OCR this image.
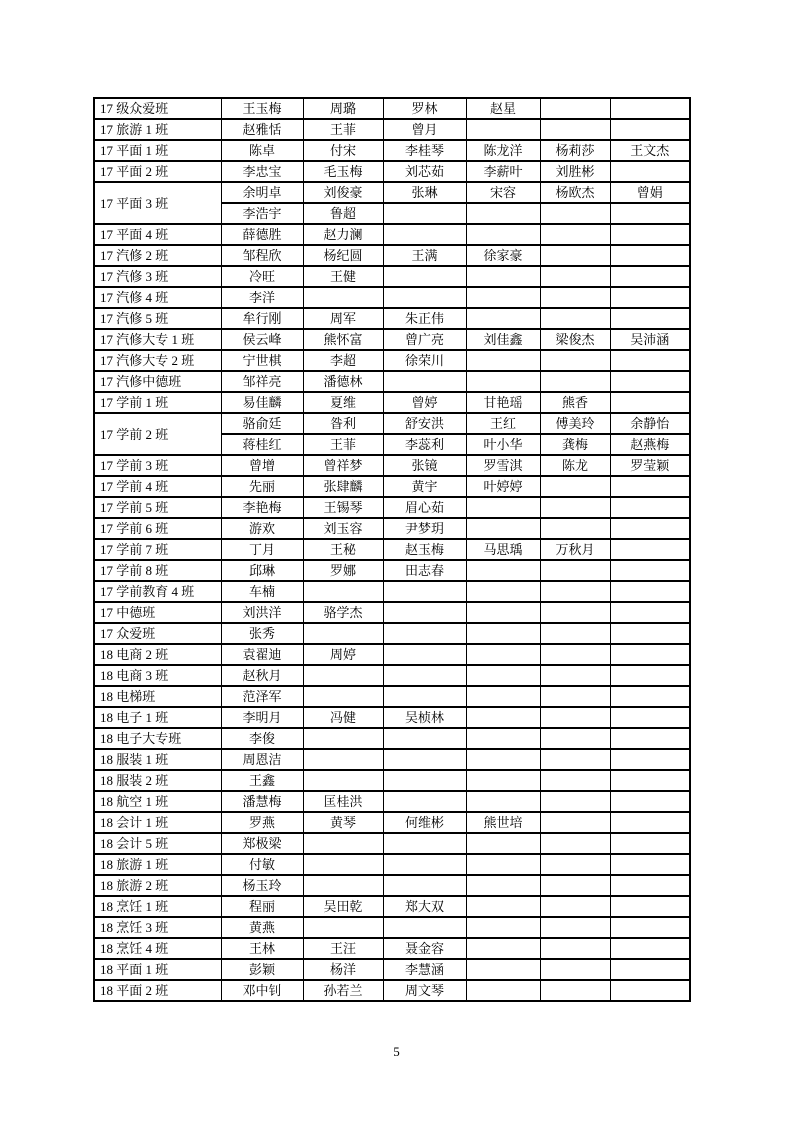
17 级众爱班	王玉梅	周璐	罗林	赵星		
17 旅游 1 班	赵雅恬	王菲	曾月			
17 平面 1 班	陈卓	付宋	李桂琴	陈龙洋	杨莉莎	王文杰
17 平面 2 班	李忠宝	毛玉梅	刘芯茹	李薪叶	刘胜彬	
17 平面 3 班	余明卓	刘俊豪	张琳	宋容	杨欧杰	曾娟
	李浩宇	鲁超				
17 平面 4 班	薛德胜	赵力澜				
17 汽修 2 班	邹程欣	杨纪圆	王满	徐家豪		
17 汽修 3 班	冷旺	王健				
17 汽修 4 班	李洋					
17 汽修 5 班	牟行刚	周军	朱正伟			
17 汽修大专 1 班	侯云峰	熊怀富	曾广亮	刘佳鑫	梁俊杰	吴沛涵
17 汽修大专 2 班	宁世棋	李超	徐荣川			
17 汽修中德班	邹祥亮	潘德林				
17 学前 1 班	易佳麟	夏维	曾婷	甘艳瑶	熊香	
17 学前 2 班	骆俞廷	昝利	舒安洪	王红	傅美玲	余静怡
	蒋桂红	王菲	李蕊利	叶小华	龚梅	赵燕梅
17 学前 3 班	曾增	曾祥梦	张镜	罗雪淇	陈龙	罗莹颖
17 学前 4 班	先丽	张肆麟	黄宇	叶婷婷		
17 学前 5 班	李艳梅	王锡琴	眉心茹			
17 学前 6 班	游欢	刘玉容	尹梦玥			
17 学前 7 班	丁月	王秘	赵玉梅	马思瑀	万秋月	
17 学前 8 班	邱琳	罗娜	田志春			
17 学前教育 4 班	车楠					
17 中德班	刘洪洋	骆学杰				
17 众爱班	张秀					
18 电商 2 班	袁翟迪	周婷				
18 电商 3 班	赵秋月					
18 电梯班	范泽军					
18 电子 1 班	李明月	冯健	吴桢林			
18 电子大专班	李俊					
18 服装 1 班	周恩洁					
18 服装 2 班	王鑫					
18 航空 1 班	潘慧梅	匡桂洪				
18 会计 1 班	罗燕	黄琴	何维彬	熊世培		
18 会计 5 班	郑极梁					
18 旅游 1 班	付敏					
18 旅游 2 班	杨玉玲					
18 烹饪 1 班	程丽	吴田乾	郑大双			
18 烹饪 3 班	黄燕					
18 烹饪 4 班	王林	王汪	聂金容			
18 平面 1 班	彭颖	杨洋	李慧涵			
18 平面 2 班	邓中钊	孙若兰	周文琴			
5
